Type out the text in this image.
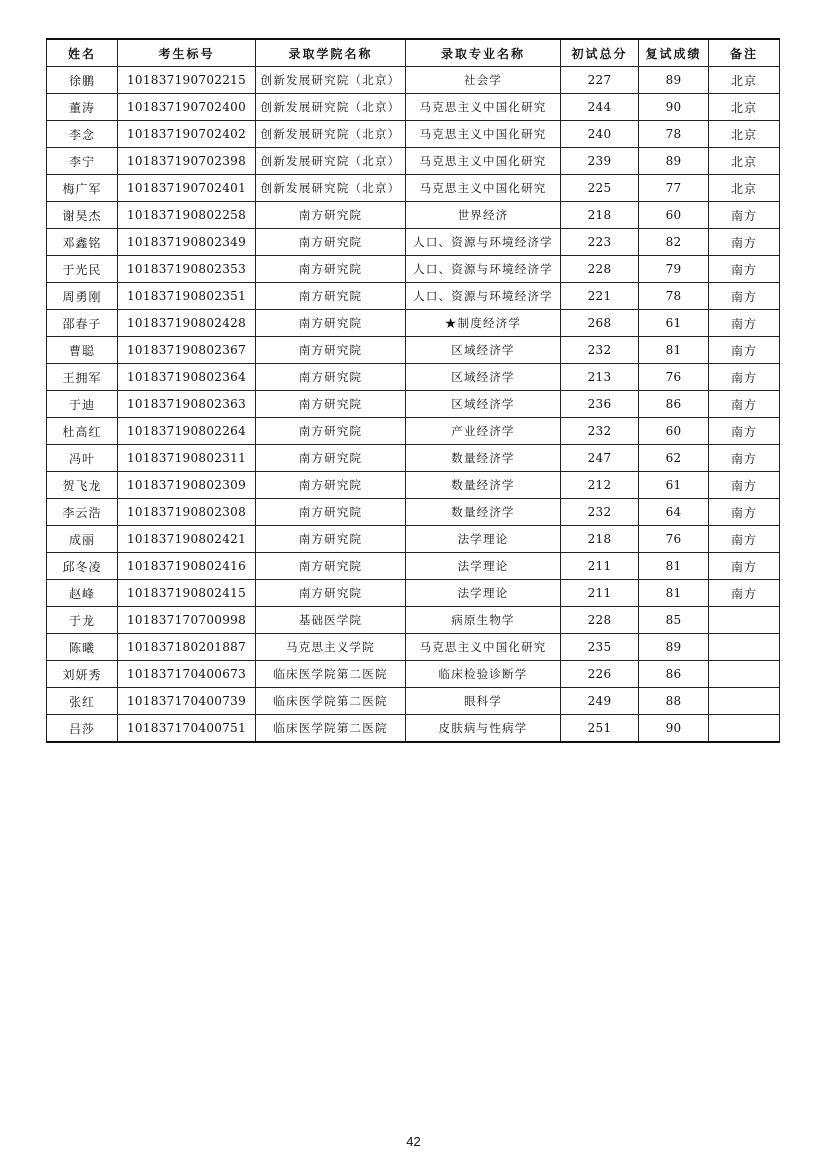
姓名	考生标号	录取学院名称	录取专业名称	初试总分	复试成绩	备注
徐鹏	101837190702215	创新发展研究院（北京）	社会学	227	89	北京
董涛	101837190702400	创新发展研究院（北京）	马克思主义中国化研究	244	90	北京
李念	101837190702402	创新发展研究院（北京）	马克思主义中国化研究	240	78	北京
李宁	101837190702398	创新发展研究院（北京）	马克思主义中国化研究	239	89	北京
梅广军	101837190702401	创新发展研究院（北京）	马克思主义中国化研究	225	77	北京
谢昊杰	101837190802258	南方研究院	世界经济	218	60	南方
邓鑫铭	101837190802349	南方研究院	人口、资源与环境经济学	223	82	南方
于光民	101837190802353	南方研究院	人口、资源与环境经济学	228	79	南方
周勇刚	101837190802351	南方研究院	人口、资源与环境经济学	221	78	南方
邵春子	101837190802428	南方研究院	★制度经济学	268	61	南方
曹聪	101837190802367	南方研究院	区域经济学	232	81	南方
王拥军	101837190802364	南方研究院	区域经济学	213	76	南方
于迪	101837190802363	南方研究院	区域经济学	236	86	南方
杜高红	101837190802264	南方研究院	产业经济学	232	60	南方
冯叶	101837190802311	南方研究院	数量经济学	247	62	南方
贺飞龙	101837190802309	南方研究院	数量经济学	212	61	南方
李云浩	101837190802308	南方研究院	数量经济学	232	64	南方
成丽	101837190802421	南方研究院	法学理论	218	76	南方
邱冬凌	101837190802416	南方研究院	法学理论	211	81	南方
赵峰	101837190802415	南方研究院	法学理论	211	81	南方
于龙	101837170700998	基础医学院	病原生物学	228	85	
陈曦	101837180201887	马克思主义学院	马克思主义中国化研究	235	89	
刘妍秀	101837170400673	临床医学院第二医院	临床检验诊断学	226	86	
张红	101837170400739	临床医学院第二医院	眼科学	249	88	
吕莎	101837170400751	临床医学院第二医院	皮肤病与性病学	251	90	
42
